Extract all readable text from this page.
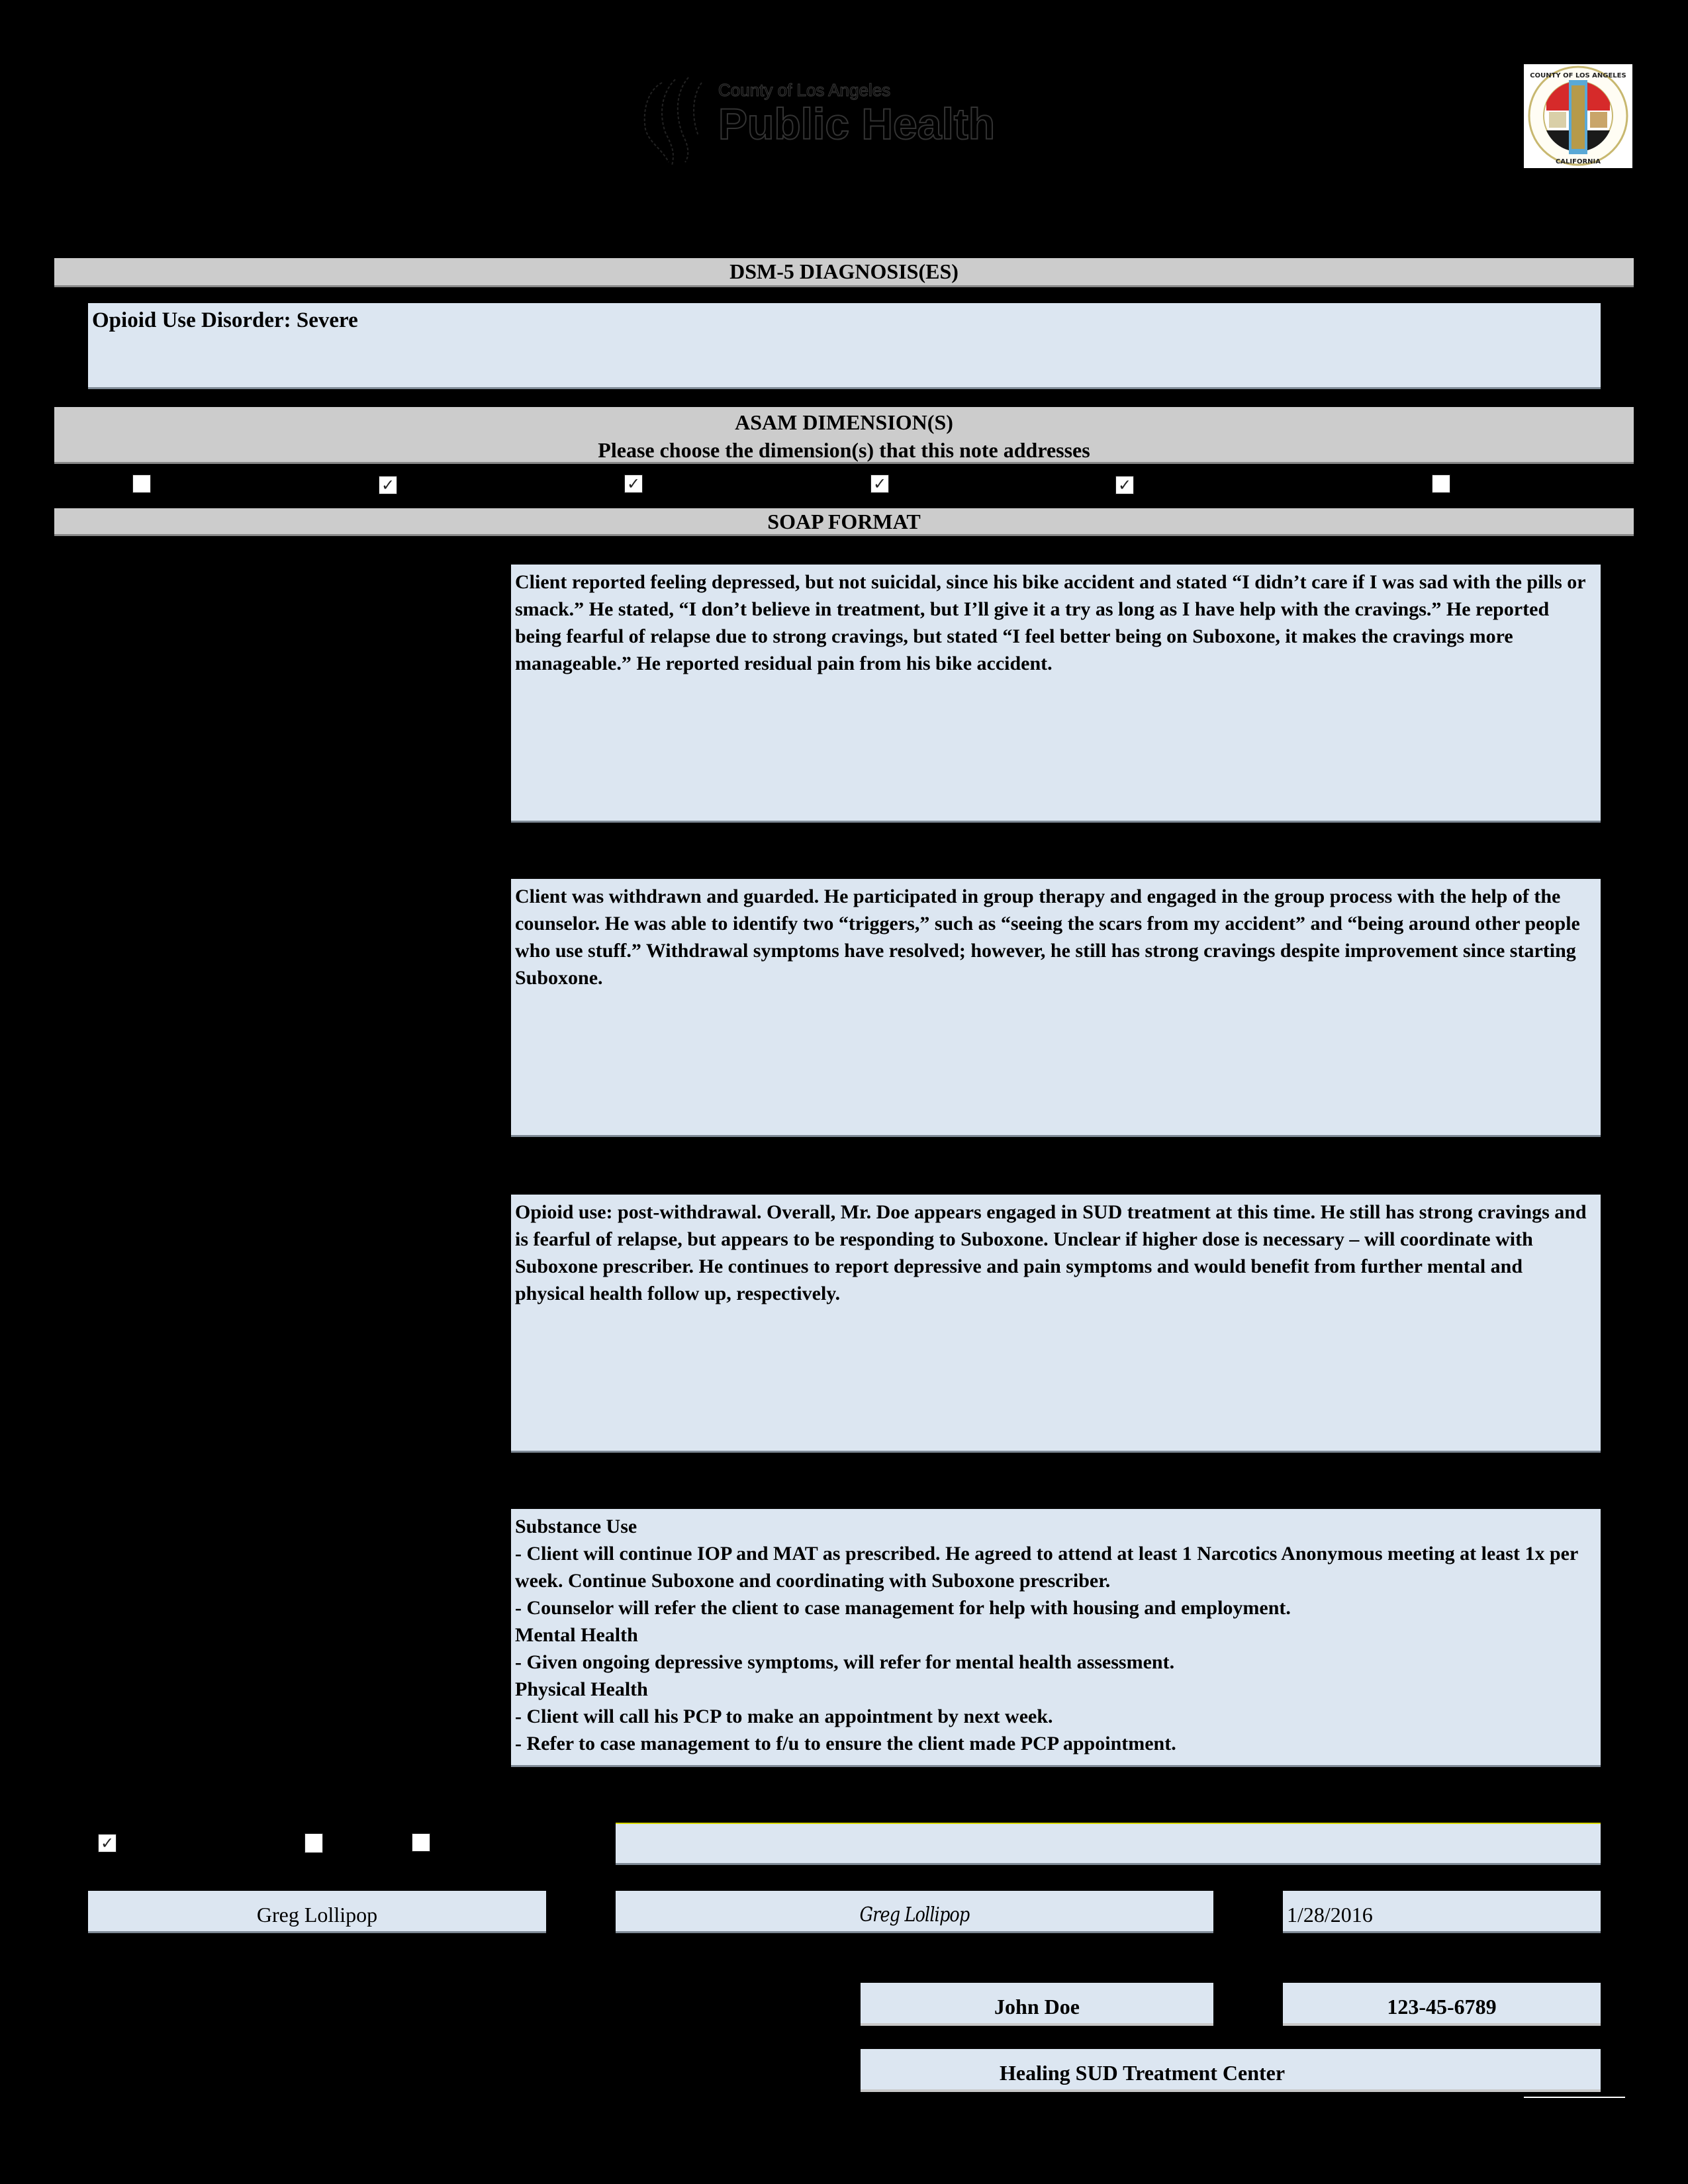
County of Los Angeles
Public Health
COUNTY OF LOS ANGELES
CALIFORNIA
DSM-5 DIAGNOSIS(ES)
Opioid Use Disorder: Severe
ASAM DIMENSION(S)
Please choose the dimension(s) that this note addresses
✓	✓	✓	✓
SOAP FORMAT

Client reported feeling depressed, but not suicidal, since his bike accident and stated “I didn’t care if I was sad with the pills or smack.” He stated, “I don’t believe in treatment, but I’ll give it a try as long as I have help with the cravings.” He reported being fearful of relapse due to strong cravings, but stated “I feel better being on Suboxone, it makes the cravings more manageable.” He reported residual pain from his bike accident.

Client was withdrawn and guarded. He participated in group therapy and engaged in the group process with the help of the counselor. He was able to identify two “triggers,” such as “seeing the scars from my accident” and “being around other people who use stuff.” Withdrawal symptoms have resolved; however, he still has strong cravings despite improvement since starting Suboxone.

Opioid use: post-withdrawal. Overall, Mr. Doe appears engaged in SUD treatment at this time. He still has strong cravings and is fearful of relapse, but appears to be responding to Suboxone. Unclear if higher dose is necessary – will coordinate with Suboxone prescriber. He continues to report depressive and pain symptoms and would benefit from further mental and physical health follow up, respectively.

Substance Use
- Client will continue IOP and MAT as prescribed. He agreed to attend at least 1 Narcotics Anonymous meeting at least 1x per week. Continue Suboxone and coordinating with Suboxone prescriber.
- Counselor will refer the client to case management for help with housing and employment.
Mental Health
- Given ongoing depressive symptoms, will refer for mental health assessment.
Physical Health
- Client will call his PCP to make an appointment by next week.
- Refer to case management to f/u to ensure the client made PCP appointment.
✓
Greg Lollipop	Greg Lollipop	1/28/2016
John Doe	123-45-6789
Healing SUD Treatment Center
